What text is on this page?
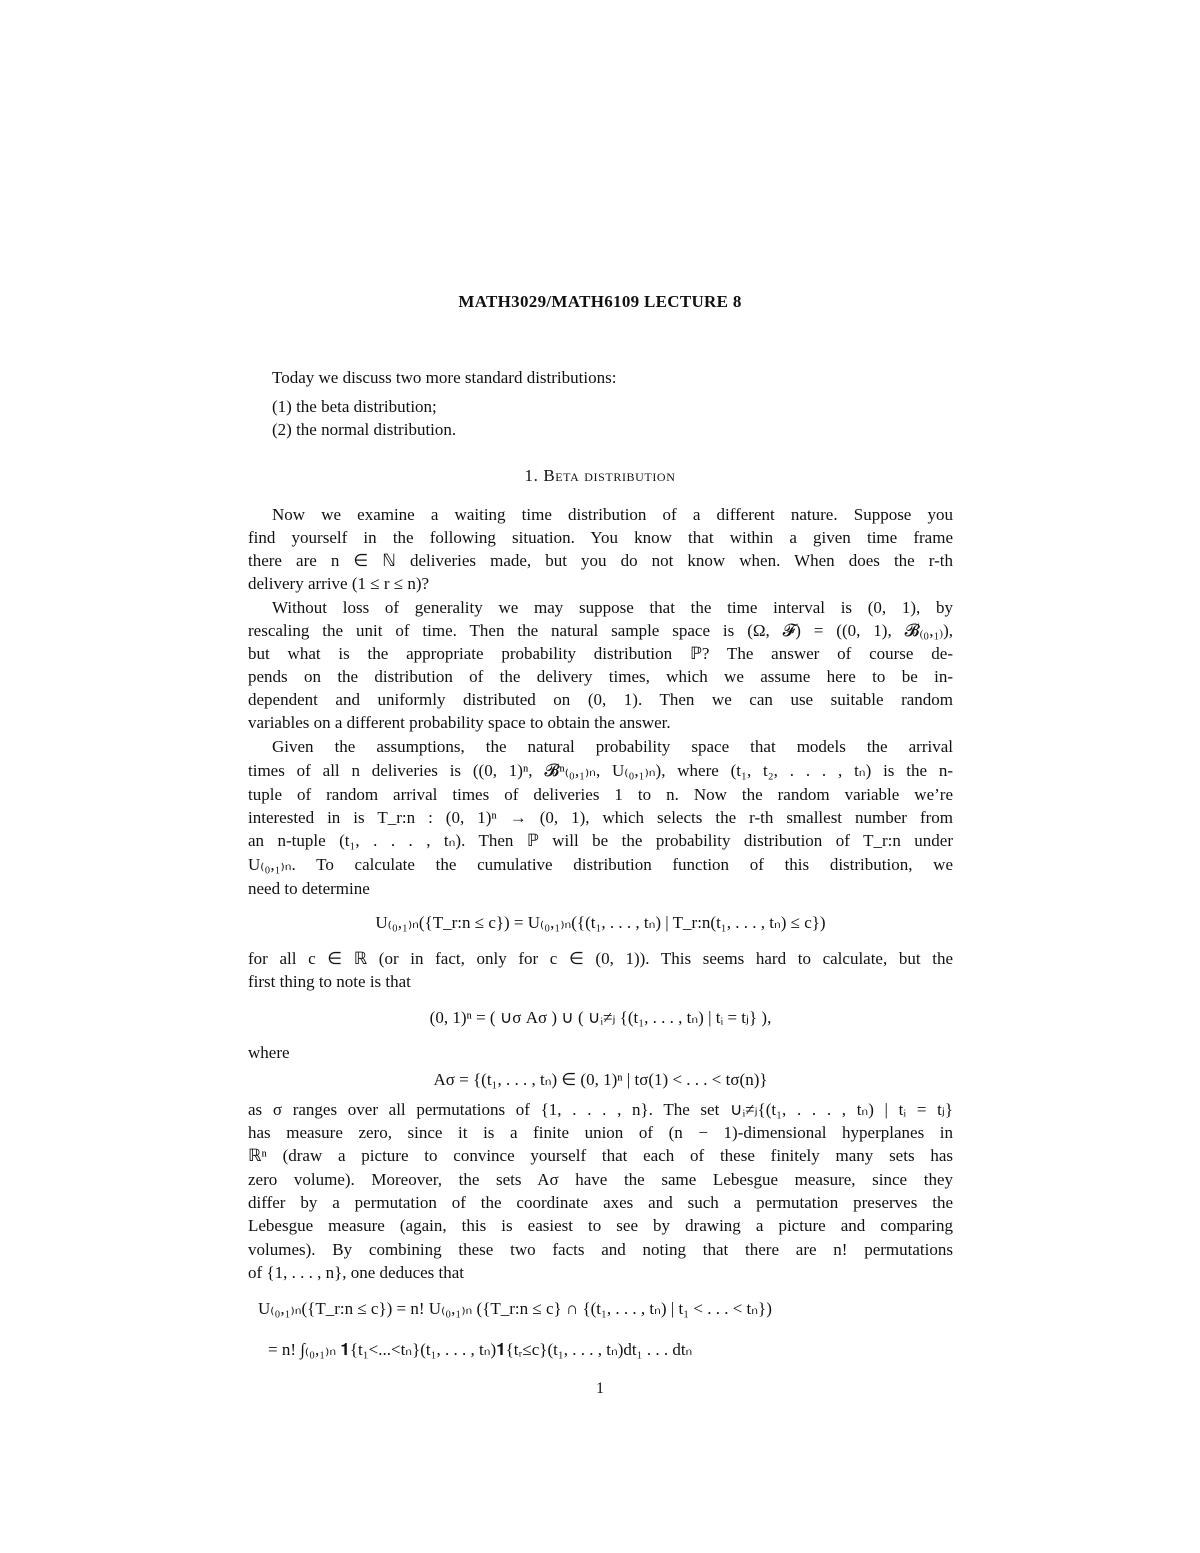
MATH3029/MATH6109 LECTURE 8
Today we discuss two more standard distributions:
(1) the beta distribution;
(2) the normal distribution.
1. Beta distribution
Now we examine a waiting time distribution of a different nature. Suppose you
find yourself in the following situation. You know that within a given time frame
there are n ∈ ℕ deliveries made, but you do not know when. When does the r-th
delivery arrive (1 ≤ r ≤ n)?
Without loss of generality we may suppose that the time interval is (0, 1), by
rescaling the unit of time. Then the natural sample space is (Ω, 𝓕) = ((0, 1), 𝓑₍₀,₁₎),
but what is the appropriate probability distribution ℙ? The answer of course de-
pends on the distribution of the delivery times, which we assume here to be in-
dependent and uniformly distributed on (0, 1). Then we can use suitable random
variables on a different probability space to obtain the answer.
Given the assumptions, the natural probability space that models the arrival
times of all n deliveries is ((0, 1)ⁿ, 𝓑ⁿ₍₀,₁₎ₙ, U₍₀,₁₎ₙ), where (t₁, t₂, . . . , tₙ) is the n-
tuple of random arrival times of deliveries 1 to n. Now the random variable we’re
interested in is T_r:n : (0, 1)ⁿ → (0, 1), which selects the r-th smallest number from
an n-tuple (t₁, . . . , tₙ). Then ℙ will be the probability distribution of T_r:n under
U₍₀,₁₎ₙ. To calculate the cumulative distribution function of this distribution, we
need to determine
U₍₀,₁₎ₙ({T_r:n ≤ c}) = U₍₀,₁₎ₙ({(t₁, . . . , tₙ) | T_r:n(t₁, . . . , tₙ) ≤ c})
for all c ∈ ℝ (or in fact, only for c ∈ (0, 1)). This seems hard to calculate, but the
first thing to note is that
(0, 1)ⁿ = ( ∪σ Aσ ) ∪ ( ∪ᵢ≠ⱼ {(t₁, . . . , tₙ) | tᵢ = tⱼ} ),
where
Aσ = {(t₁, . . . , tₙ) ∈ (0, 1)ⁿ | tσ(1) < . . . < tσ(n)}
as σ ranges over all permutations of {1, . . . , n}. The set ∪ᵢ≠ⱼ{(t₁, . . . , tₙ) | tᵢ = tⱼ}
has measure zero, since it is a finite union of (n − 1)-dimensional hyperplanes in
ℝⁿ (draw a picture to convince yourself that each of these finitely many sets has
zero volume). Moreover, the sets Aσ have the same Lebesgue measure, since they
differ by a permutation of the coordinate axes and such a permutation preserves the
Lebesgue measure (again, this is easiest to see by drawing a picture and comparing
volumes). By combining these two facts and noting that there are n! permutations
of {1, . . . , n}, one deduces that
U₍₀,₁₎ₙ({T_r:n ≤ c}) = n! U₍₀,₁₎ₙ ({T_r:n ≤ c} ∩ {(t₁, . . . , tₙ) | t₁ < . . . < tₙ})
= n! ∫₍₀,₁₎ₙ 𝟏{t₁<...<tₙ}(t₁, . . . , tₙ)𝟏{tᵣ≤c}(t₁, . . . , tₙ)dt₁ . . . dtₙ
1
